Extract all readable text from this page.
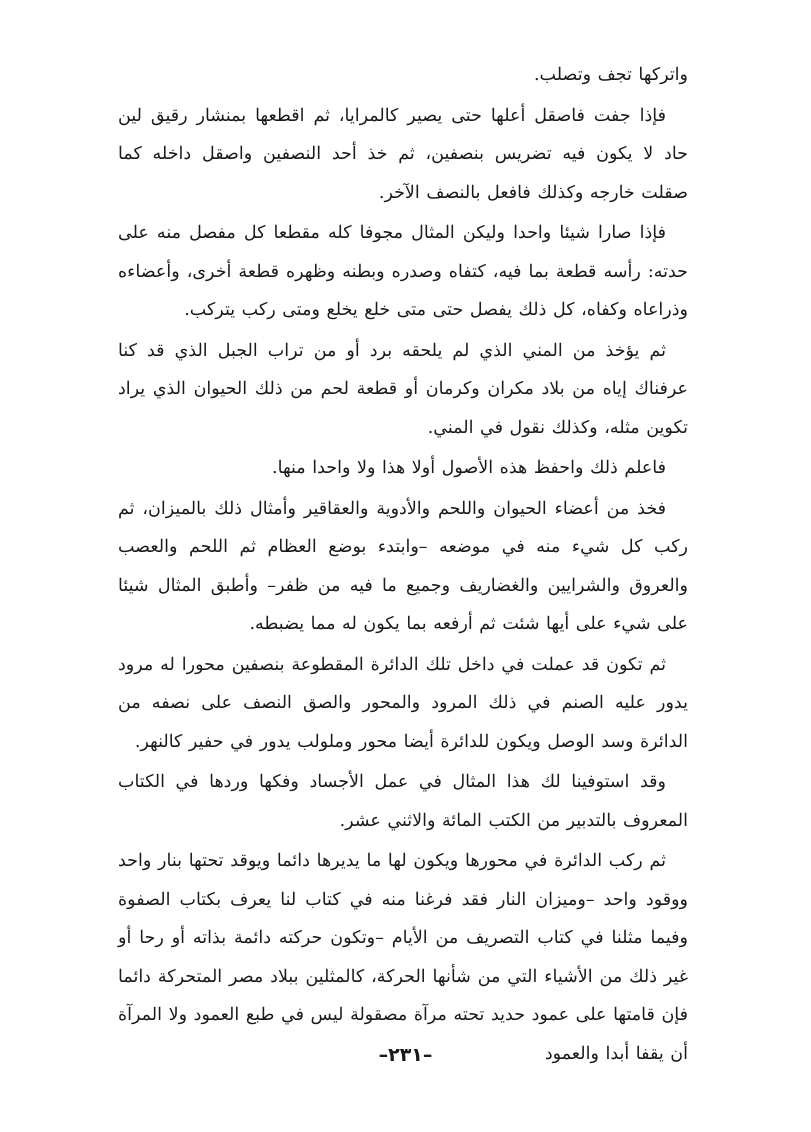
واتركها تجف وتصلب.

فإذا جفت فاصقل أعلها حتى يصير كالمرايا، ثم اقطعها بمنشار رقيق لين حاد لا يكون فيه تضريس بنصفين، ثم خذ أحد النصفين واصقل داخله كما صقلت خارجه وكذلك فافعل بالنصف الآخر.

فإذا صارا شيئا واحدا وليكن المثال مجوفا كله مقطعا كل مفصل منه على حدته: رأسه قطعة بما فيه، كتفاه وصدره وبطنه وظهره قطعة أخرى، وأعضاءه وذراعاه وكفاه، كل ذلك يفصل حتى متى خلع يخلع ومتى ركب يتركب.

ثم يؤخذ من المني الذي لم يلحقه برد أو من تراب الجبل الذي قد كنا عرفناك إياه من بلاد مكران وكرمان أو قطعة لحم من ذلك الحيوان الذي يراد تكوين مثله، وكذلك نقول في المني.

فاعلم ذلك واحفظ هذه الأصول أولا هذا ولا واحدا منها.

فخذ من أعضاء الحيوان واللحم والأدوية والعقاقير وأمثال ذلك بالميزان، ثم ركب كل شيء منه في موضعه –وابتدء بوضع العظام ثم اللحم والعصب والعروق والشرايين والغضاريف وجميع ما فيه من ظفر– وأطبق المثال شيئا على شيء على أيها شئت ثم أرفعه بما يكون له مما يضبطه.

ثم تكون قد عملت في داخل تلك الدائرة المقطوعة بنصفين محورا له مرود يدور عليه الصنم في ذلك المرود والمحور والصق النصف على نصفه من الدائرة وسد الوصل ويكون للدائرة أيضا محور وملولب يدور في حفير كالنهر.

وقد استوفينا لك هذا المثال في عمل الأجساد وفكها وردها في الكتاب المعروف بالتدبير من الكتب المائة والاثني عشر.

ثم ركب الدائرة في محورها ويكون لها ما يديرها دائما ويوقد تحتها بنار واحد ووقود واحد –وميزان النار فقد فرغنا منه في كتاب لنا يعرف بكتاب الصفوة وفيما مثلنا في كتاب التصريف من الأيام –وتكون حركته دائمة بذاته أو رحا أو غير ذلك من الأشياء التي من شأنها الحركة، كالمثلين ببلاد مصر المتحركة دائما فإن قامتها على عمود حديد تحته مرآة مصقولة ليس في طبع العمود ولا المرآة أن يقفا أبدا والعمود

–٢٣١–
